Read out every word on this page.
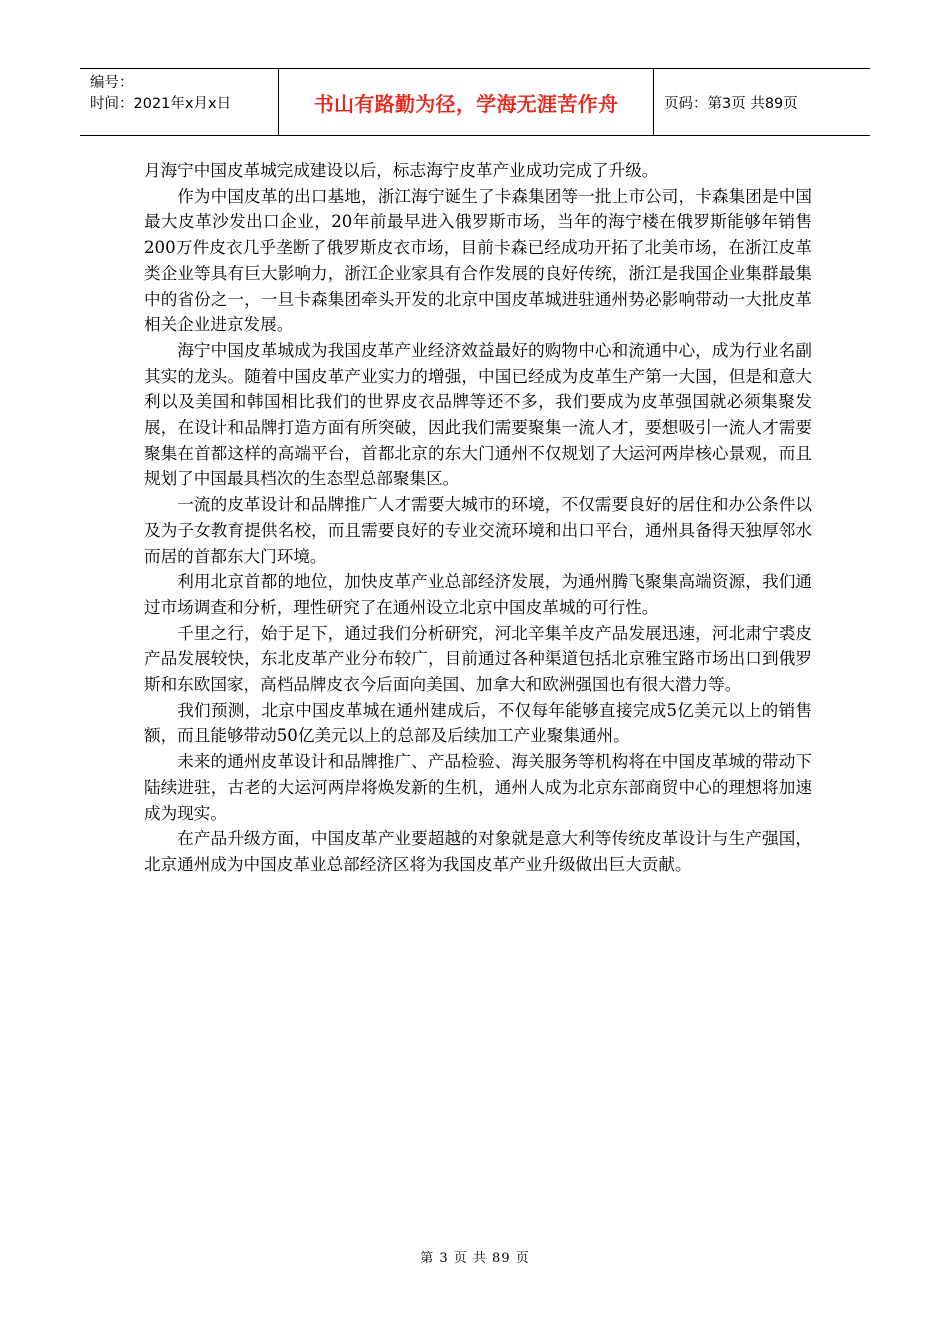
编号：
时间：2021年x月x日	书山有路勤为径，学海无涯苦作舟	页码：第3页 共89页

月海宁中国皮革城完成建设以后，标志海宁皮革产业成功完成了升级。

作为中国皮革的出口基地，浙江海宁诞生了卡森集团等一批上市公司，卡森集团是中国最大皮革沙发出口企业，20年前最早进入俄罗斯市场，当年的海宁楼在俄罗斯能够年销售200万件皮衣几乎垄断了俄罗斯皮衣市场，目前卡森已经成功开拓了北美市场，在浙江皮革类企业等具有巨大影响力，浙江企业家具有合作发展的良好传统，浙江是我国企业集群最集中的省份之一，一旦卡森集团牵头开发的北京中国皮革城进驻通州势必影响带动一大批皮革相关企业进京发展。

海宁中国皮革城成为我国皮革产业经济效益最好的购物中心和流通中心，成为行业名副其实的龙头。随着中国皮革产业实力的增强，中国已经成为皮革生产第一大国，但是和意大利以及美国和韩国相比我们的世界皮衣品牌等还不多，我们要成为皮革强国就必须集聚发展，在设计和品牌打造方面有所突破，因此我们需要聚集一流人才，要想吸引一流人才需要聚集在首都这样的高端平台，首都北京的东大门通州不仅规划了大运河两岸核心景观，而且规划了中国最具档次的生态型总部聚集区。

一流的皮革设计和品牌推广人才需要大城市的环境，不仅需要良好的居住和办公条件以及为子女教育提供名校，而且需要良好的专业交流环境和出口平台，通州具备得天独厚邻水而居的首都东大门环境。

利用北京首都的地位，加快皮革产业总部经济发展，为通州腾飞聚集高端资源，我们通过市场调查和分析，理性研究了在通州设立北京中国皮革城的可行性。

千里之行，始于足下，通过我们分析研究，河北辛集羊皮产品发展迅速，河北肃宁裘皮产品发展较快，东北皮革产业分布较广，目前通过各种渠道包括北京雅宝路市场出口到俄罗斯和东欧国家，高档品牌皮衣今后面向美国、加拿大和欧洲强国也有很大潜力等。

我们预测，北京中国皮革城在通州建成后，不仅每年能够直接完成5亿美元以上的销售额，而且能够带动50亿美元以上的总部及后续加工产业聚集通州。

未来的通州皮革设计和品牌推广、产品检验、海关服务等机构将在中国皮革城的带动下陆续进驻，古老的大运河两岸将焕发新的生机，通州人成为北京东部商贸中心的理想将加速成为现实。

在产品升级方面，中国皮革产业要超越的对象就是意大利等传统皮革设计与生产强国，北京通州成为中国皮革业总部经济区将为我国皮革产业升级做出巨大贡献。

第 3 页 共 89 页
